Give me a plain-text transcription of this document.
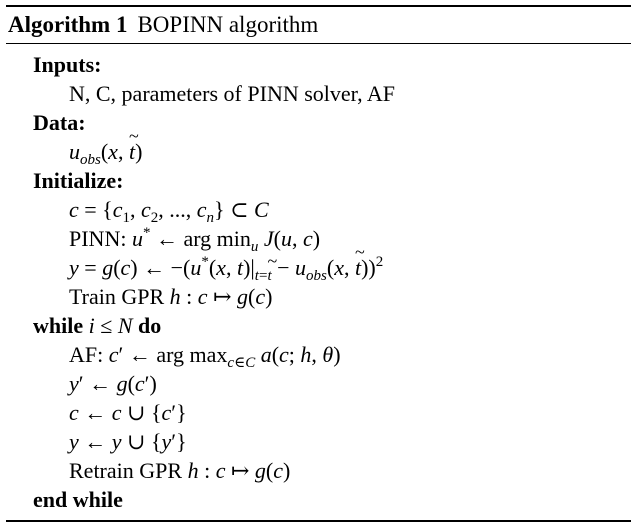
Algorithm 1 BOPINN algorithm
Inputs:
N, C, parameters of PINN solver, AF
Data:
$u_{obs}(x$, ~ t)
Initialize:
$c = \{c_1$, $c_2$, ..., $c_n$} ⊂ C
PINN: u* ← arg $\min_u J(u$, c)
y = g(c) ← −(u*(x, $t)|_{t=t} - u_{obs}(x$, ~ t))$^2$
Train GPR h : c ↦ g(c)
while i ≤ N do
AF: c′ ← arg $\max_{c\in C} a(c$; h, θ)
y′ ← g(c′)
c ← c ∪ {c′}
y ← y ∪ {y′}
Retrain GPR h : c ↦ g(c)
end while
